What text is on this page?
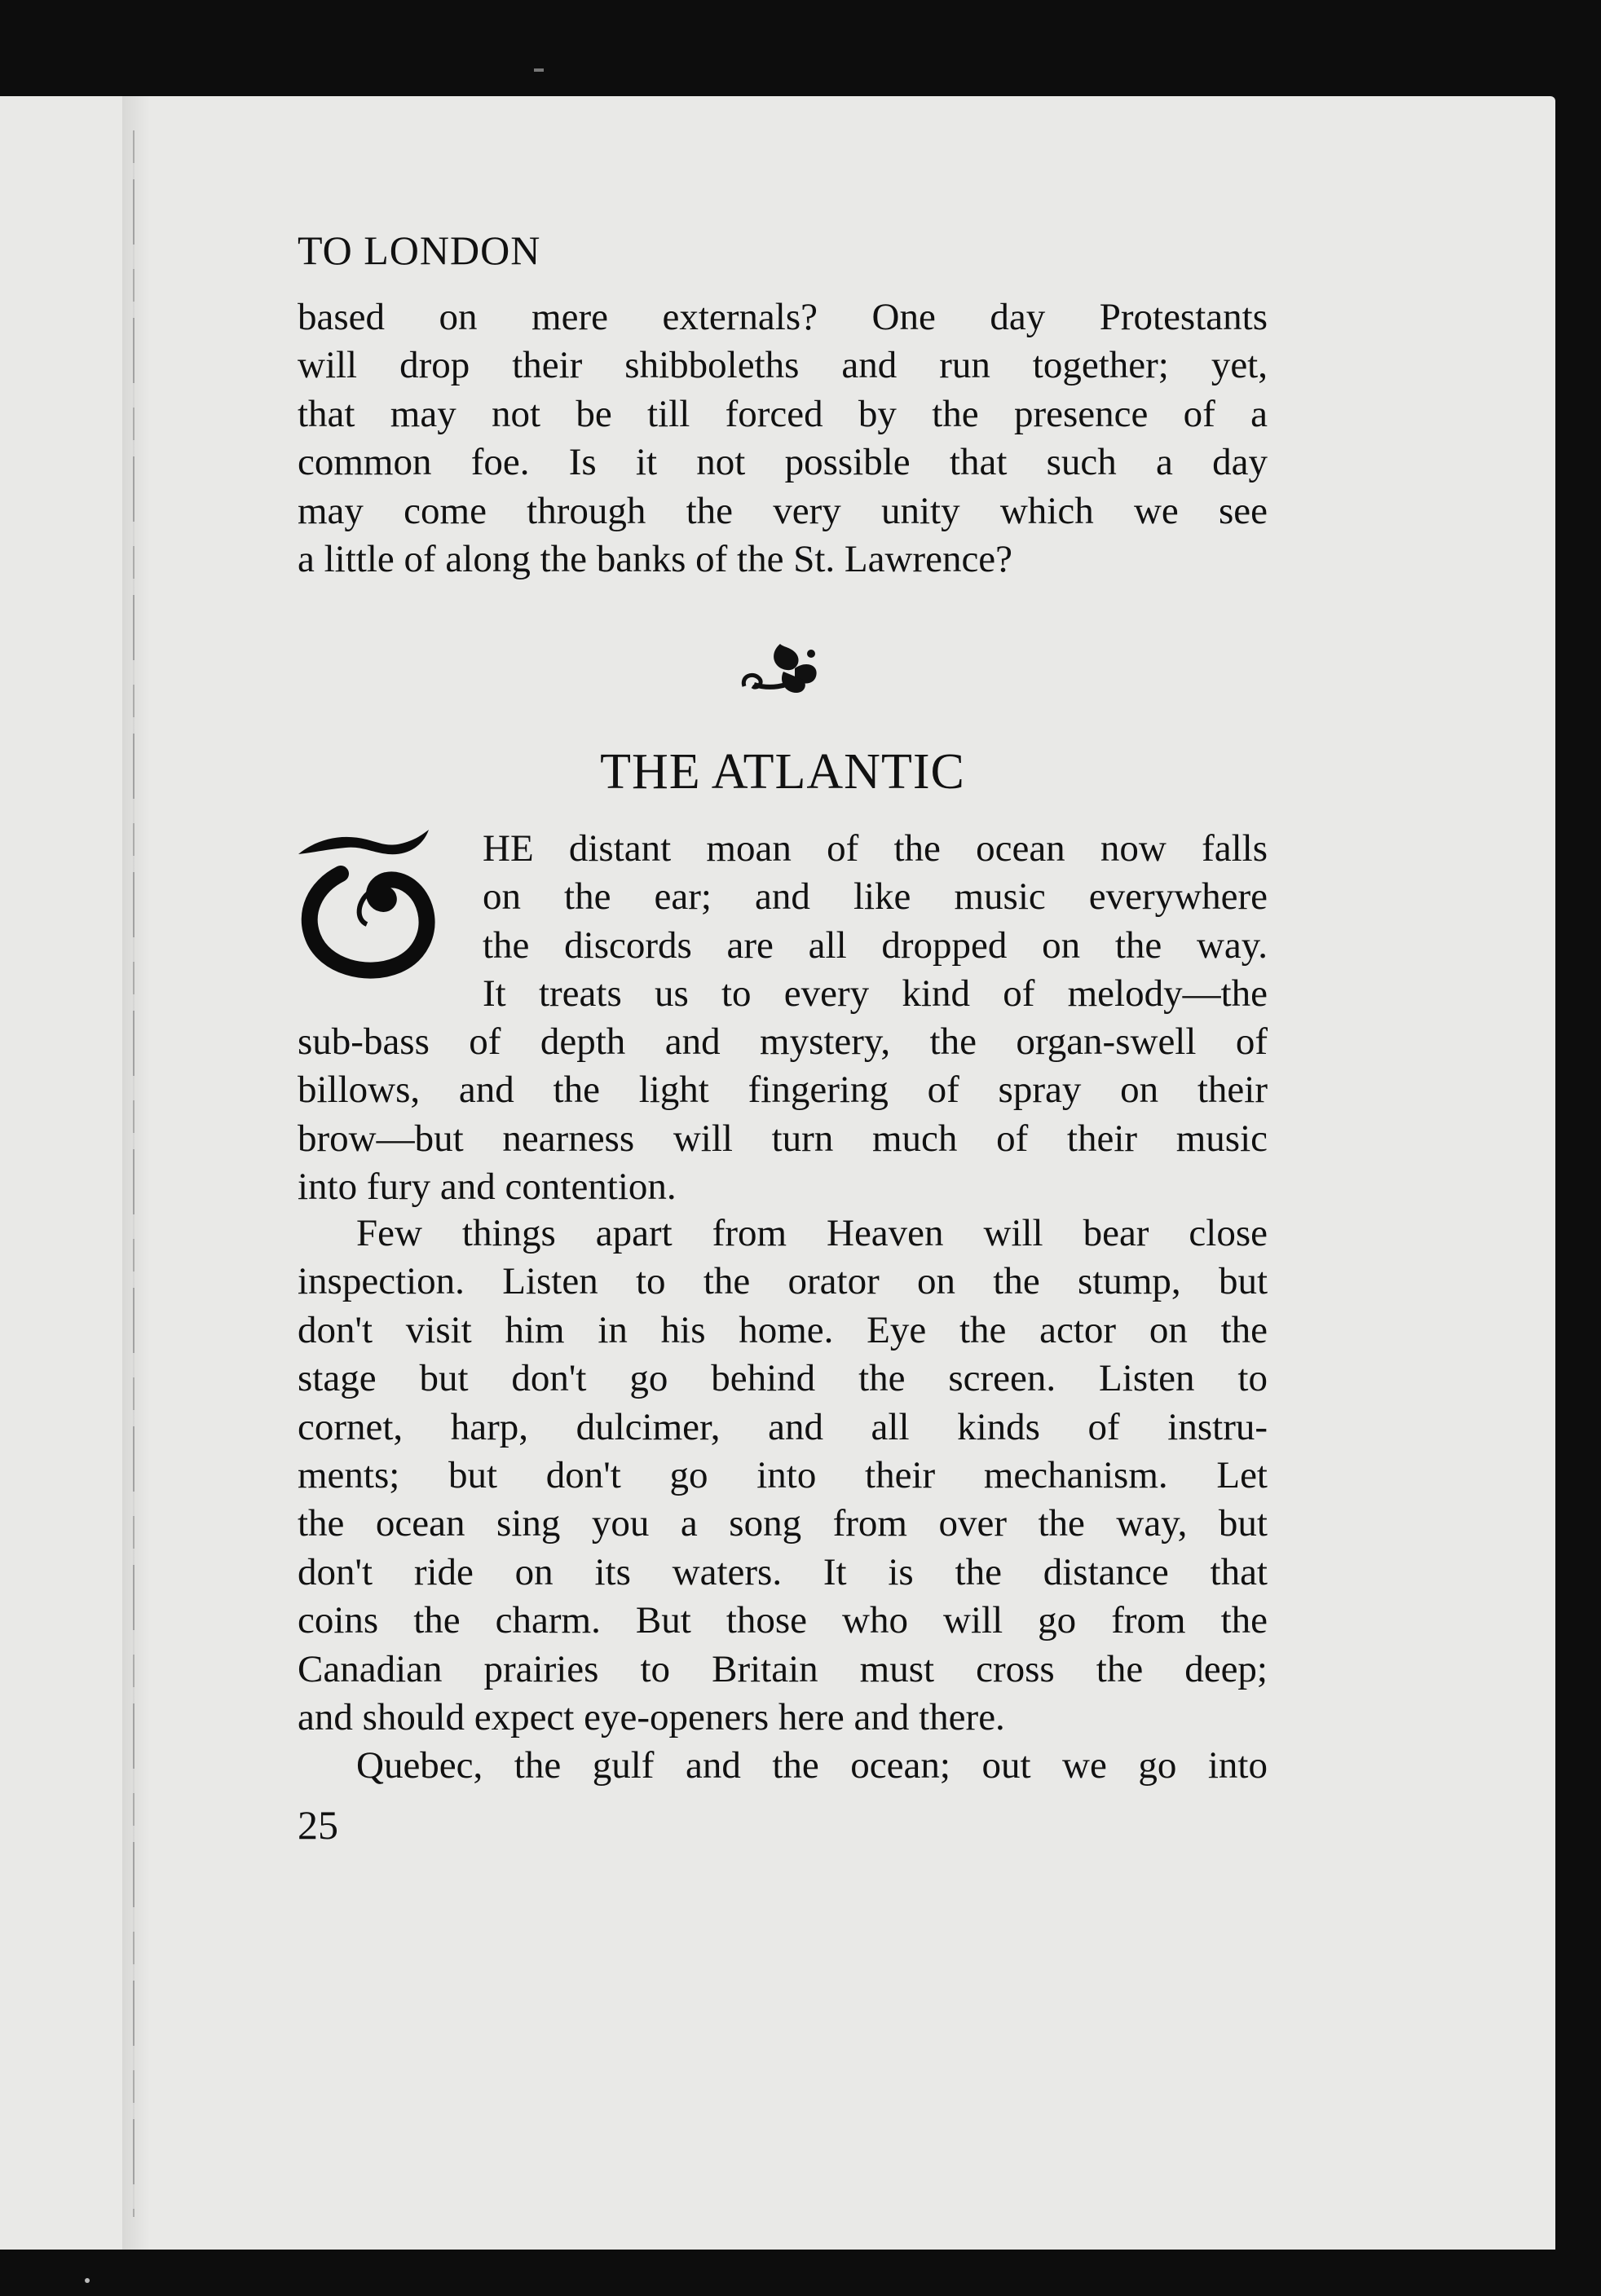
TO LONDON
based on mere externals? One day Protestants
will drop their shibboleths and run together; yet,
that may not be till forced by the presence of a
common foe. Is it not possible that such a day
may come through the very unity which we see
a little of along the banks of the St. Lawrence?
THE ATLANTIC
T
HE distant moan of the ocean now falls
on the ear; and like music everywhere
the discords are all dropped on the way.
It treats us to every kind of melody—the
sub-bass of depth and mystery, the organ-swell of
billows, and the light fingering of spray on their
brow—but nearness will turn much of their music
into fury and contention.
Few things apart from Heaven will bear close
inspection. Listen to the orator on the stump, but
don't visit him in his home. Eye the actor on the
stage but don't go behind the screen. Listen to
cornet, harp, dulcimer, and all kinds of instru-
ments; but don't go into their mechanism. Let
the ocean sing you a song from over the way, but
don't ride on its waters. It is the distance that
coins the charm. But those who will go from the
Canadian prairies to Britain must cross the deep;
and should expect eye-openers here and there.
Quebec, the gulf and the ocean; out we go into
25
